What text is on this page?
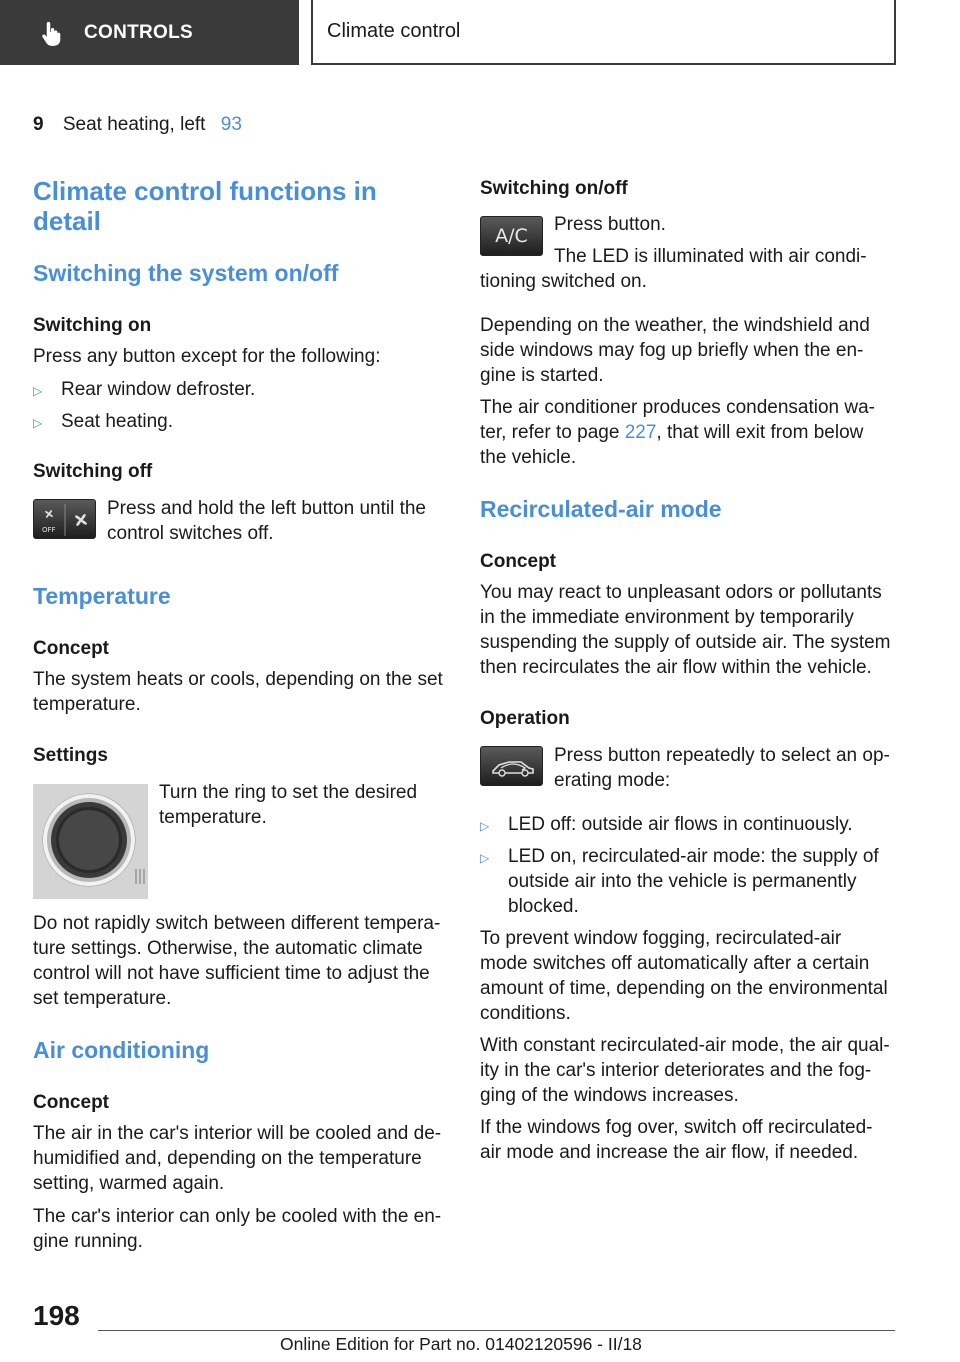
CONTROLS	Climate control
9 Seat heating, left 93
Climate control functions in detail
Switching the system on/off
Switching on
Press any button except for the following:
▷ Rear window defroster.
▷ Seat heating.
Switching off
OFF
Press and hold the left button until the
control switches off.
Temperature
Concept
The system heats or cools, depending on the set
temperature.
Settings
Turn the ring to set the desired
temperature.
Do not rapidly switch between different tempera-
ture settings. Otherwise, the automatic climate
control will not have sufficient time to adjust the
set temperature.
Air conditioning
Concept
The air in the car's interior will be cooled and de-
humidified and, depending on the temperature
setting, warmed again.
The car's interior can only be cooled with the en-
gine running.
Switching on/off
A/C
Press button.
The LED is illuminated with air condi-
tioning switched on.
Depending on the weather, the windshield and
side windows may fog up briefly when the en-
gine is started.
The air conditioner produces condensation wa-
ter, refer to page 227, that will exit from below
the vehicle.
Recirculated-air mode
Concept
You may react to unpleasant odors or pollutants
in the immediate environment by temporarily
suspending the supply of outside air. The system
then recirculates the air flow within the vehicle.
Operation
Press button repeatedly to select an op-
erating mode:
▷ LED off: outside air flows in continuously.
▷ LED on, recirculated-air mode: the supply of
outside air into the vehicle is permanently
blocked.
To prevent window fogging, recirculated-air
mode switches off automatically after a certain
amount of time, depending on the environmental
conditions.
With constant recirculated-air mode, the air qual-
ity in the car's interior deteriorates and the fog-
ging of the windows increases.
If the windows fog over, switch off recirculated-
air mode and increase the air flow, if needed.
198
Online Edition for Part no. 01402120596 - II/18
